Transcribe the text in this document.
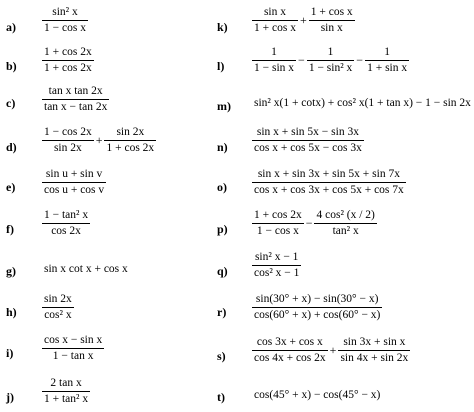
$a) \frac{\text{sin² x}}{\text{1 − cos x}}$
$b) \frac{1 + \cos 2x}{1 + \cos 2x}$
$c) \frac{\text{tan x tan 2x}}{\text{tan x − tan 2x}}$
$d) \frac{1 - \cos 2x}{\sin 2x} + \frac{\sin 2x}{1 + \cos 2x}$
$e) \frac{\text{sin u + sin v}}{\text{cos u + cos v}}$
$f) \frac{\text{1 − tan² x}}{\cos 2x}$
g) sin x cot x + cos x
$h) \frac{\sin 2x}{\text{cos² x}}$
$i) \frac{\text{cos x − sin x}}{\text{1 − tan x}}$
$j) \frac{\text{2 tan x}}{\text{1 + tan² x}}$
$k) \frac{\text{sin x}}{\text{1 + cos x}} + \frac{\text{1 + cos x}}{\text{sin x}}$
$l) \frac{1}{\text{1 − sin x}} - \frac{1}{\text{1 − sin² x}} - \frac{1}{\text{1 + sin x}}$
m) sin² x(1 + cotx) + cos² x(1 + tan x) − 1 − sin 2x
$n) \frac{\text{sin x + sin 5x − sin 3x}}{\text{cos x + cos 5x − cos 3x}}$
$o) \frac{\text{sin x + sin 3x + sin 5x + sin 7x}}{\text{cos x + cos 3x + cos 5x + cos 7x}}$
$p) \frac{1 + \cos 2x}{\text{1 − cos x}} - \frac{\text{4 cos² (x / 2)}}{\text{tan² x}}$
$q) \frac{\text{sin² x − 1}}{\text{cos² x − 1}}$
$r) \frac{\sin(30^\circ + x) - \sin(30^\circ - x)}{\cos(60^\circ + x) + \cos(60^\circ - x)}$
$s) \frac{\text{cos 3x + cos x}}{\cos 4x + \cos 2x} + \frac{\text{sin 3x + sin x}}{\sin 4x + \sin 2x}$
t)	cos(45° + x) − cos(45° − x)
